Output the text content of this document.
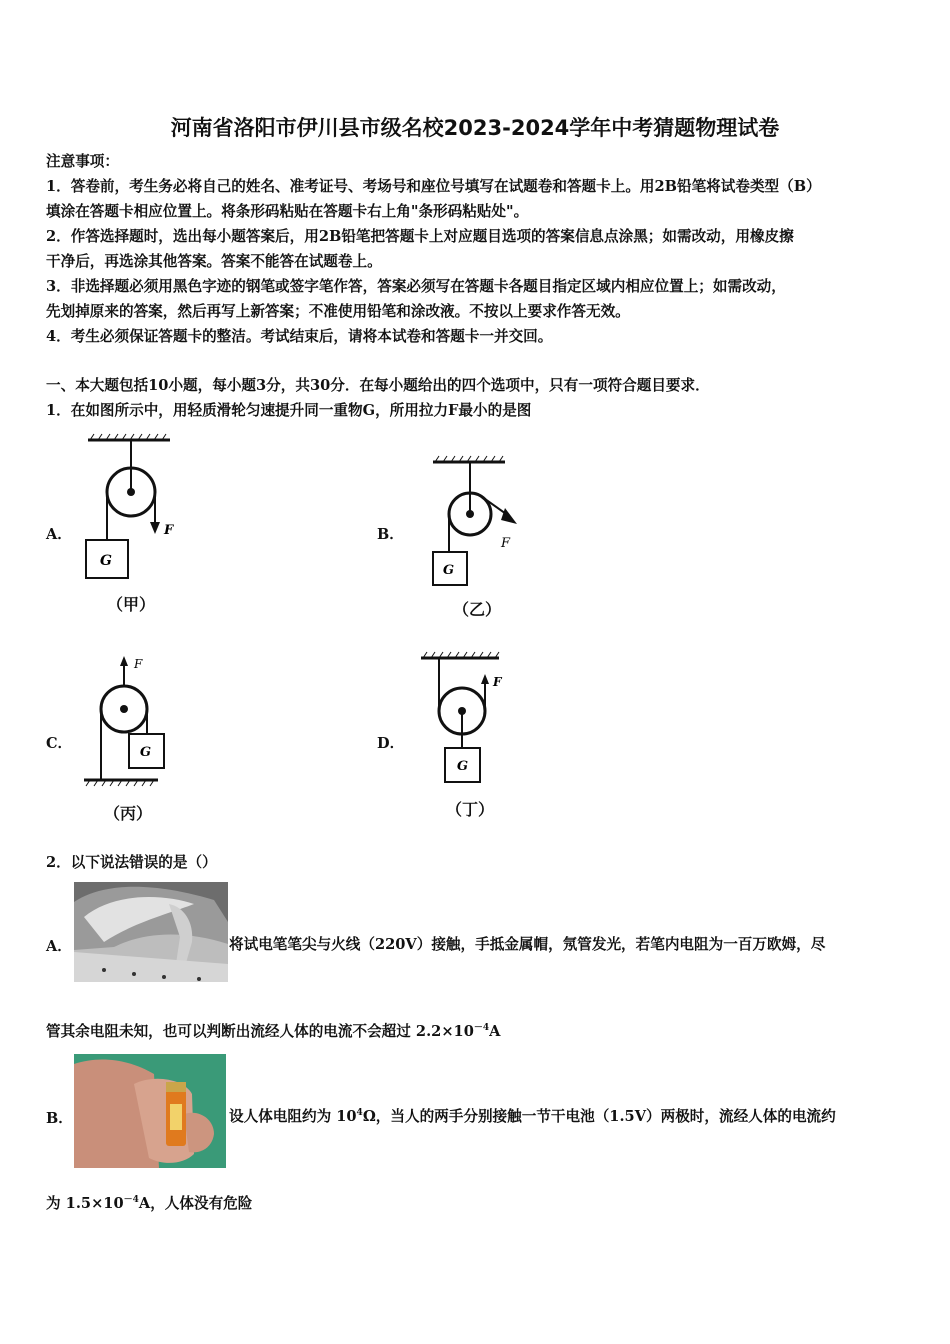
河南省洛阳市伊川县市级名校2023-2024学年中考猜题物理试卷
注意事项：
1．答卷前，考生务必将自己的姓名、准考证号、考场号和座位号填写在试题卷和答题卡上。用2B铅笔将试卷类型（B）
填涂在答题卡相应位置上。将条形码粘贴在答题卡右上角"条形码粘贴处"。
2．作答选择题时，选出每小题答案后，用2B铅笔把答题卡上对应题目选项的答案信息点涂黑；如需改动，用橡皮擦
干净后，再选涂其他答案。答案不能答在试题卷上。
3．非选择题必须用黑色字迹的钢笔或签字笔作答，答案必须写在答题卡各题目指定区域内相应位置上；如需改动，
先划掉原来的答案，然后再写上新答案；不准使用铅笔和涂改液。不按以上要求作答无效。
4．考生必须保证答题卡的整洁。考试结束后，请将本试卷和答题卡一并交回。
一、本大题包括10小题，每小题3分，共30分．在每小题给出的四个选项中，只有一项符合题目要求．
1．在如图所示中，用轻质滑轮匀速提升同一重物G，所用拉力F最小的是图
A．
G
F
（甲）
B．
G
F
（乙）
C．
F
G
（丙）
D．
F
G
（丁）
2．以下说法错误的是（）
A．	将试电笔笔尖与火线（220V）接触，手抵金属帽，氖管发光，若笔内电阻为一百万欧姆，尽
管其余电阻未知，也可以判断出流经人体的电流不会超过 $2.2\times 10^{-4}A$
B．	设人体电阻约为 $10^4\Omega$，当人的两手分别接触一节干电池（1.5V）两极时，流经人体的电流约
为 $1.5\times 10^{-4}A$，人体没有危险
